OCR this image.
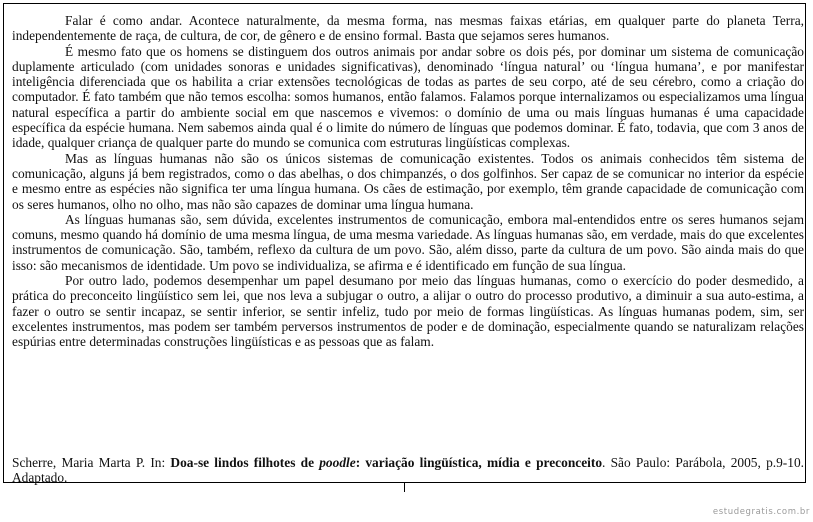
Falar é como andar. Acontece naturalmente, da mesma forma, nas mesmas faixas etárias, em qualquer parte do planeta Terra, independentemente de raça, de cultura, de cor, de gênero e de ensino formal. Basta que sejamos seres humanos.

É mesmo fato que os homens se distinguem dos outros animais por andar sobre os dois pés, por dominar um sistema de comunicação duplamente articulado (com unidades sonoras e unidades significativas), denominado ‘língua natural’ ou ‘língua humana’, e por manifestar inteligência diferenciada que os habilita a criar extensões tecnológicas de todas as partes de seu corpo, até de seu cérebro, como a criação do computador. É fato também que não temos escolha: somos humanos, então falamos. Falamos porque internalizamos ou especializamos uma língua natural específica a partir do ambiente social em que nascemos e vivemos: o domínio de uma ou mais línguas humanas é uma capacidade específica da espécie humana. Nem sabemos ainda qual é o limite do número de línguas que podemos dominar. É fato, todavia, que com 3 anos de idade, qualquer criança de qualquer parte do mundo se comunica com estruturas lingüísticas complexas.

Mas as línguas humanas não são os únicos sistemas de comunicação existentes. Todos os animais conhecidos têm sistema de comunicação, alguns já bem registrados, como o das abelhas, o dos chimpanzés, o dos golfinhos. Ser capaz de se comunicar no interior da espécie e mesmo entre as espécies não significa ter uma língua humana. Os cães de estimação, por exemplo, têm grande capacidade de comunicação com os seres humanos, olho no olho, mas não são capazes de dominar uma língua humana.

As línguas humanas são, sem dúvida, excelentes instrumentos de comunicação, embora mal-entendidos entre os seres humanos sejam comuns, mesmo quando há domínio de uma mesma língua, de uma mesma variedade. As línguas humanas são, em verdade, mais do que excelentes instrumentos de comunicação. São, também, reflexo da cultura de um povo. São, além disso, parte da cultura de um povo. São ainda mais do que isso: são mecanismos de identidade. Um povo se individualiza, se afirma e é identificado em função de sua língua.

Por outro lado, podemos desempenhar um papel desumano por meio das línguas humanas, como o exercício do poder desmedido, a prática do preconceito lingüístico sem lei, que nos leva a subjugar o outro, a alijar o outro do processo produtivo, a diminuir a sua auto-estima, a fazer o outro se sentir incapaz, se sentir inferior, se sentir infeliz, tudo por meio de formas lingüísticas. As línguas humanas podem, sim, ser excelentes instrumentos, mas podem ser também perversos instrumentos de poder e de dominação, especialmente quando se naturalizam relações espúrias entre determinadas construções lingüísticas e as pessoas que as falam.

Scherre, Maria Marta P. In: Doa-se lindos filhotes de poodle: variação lingüística, mídia e preconceito. São Paulo: Parábola, 2005, p.9-10. Adaptado.
estudegratis.com.br
